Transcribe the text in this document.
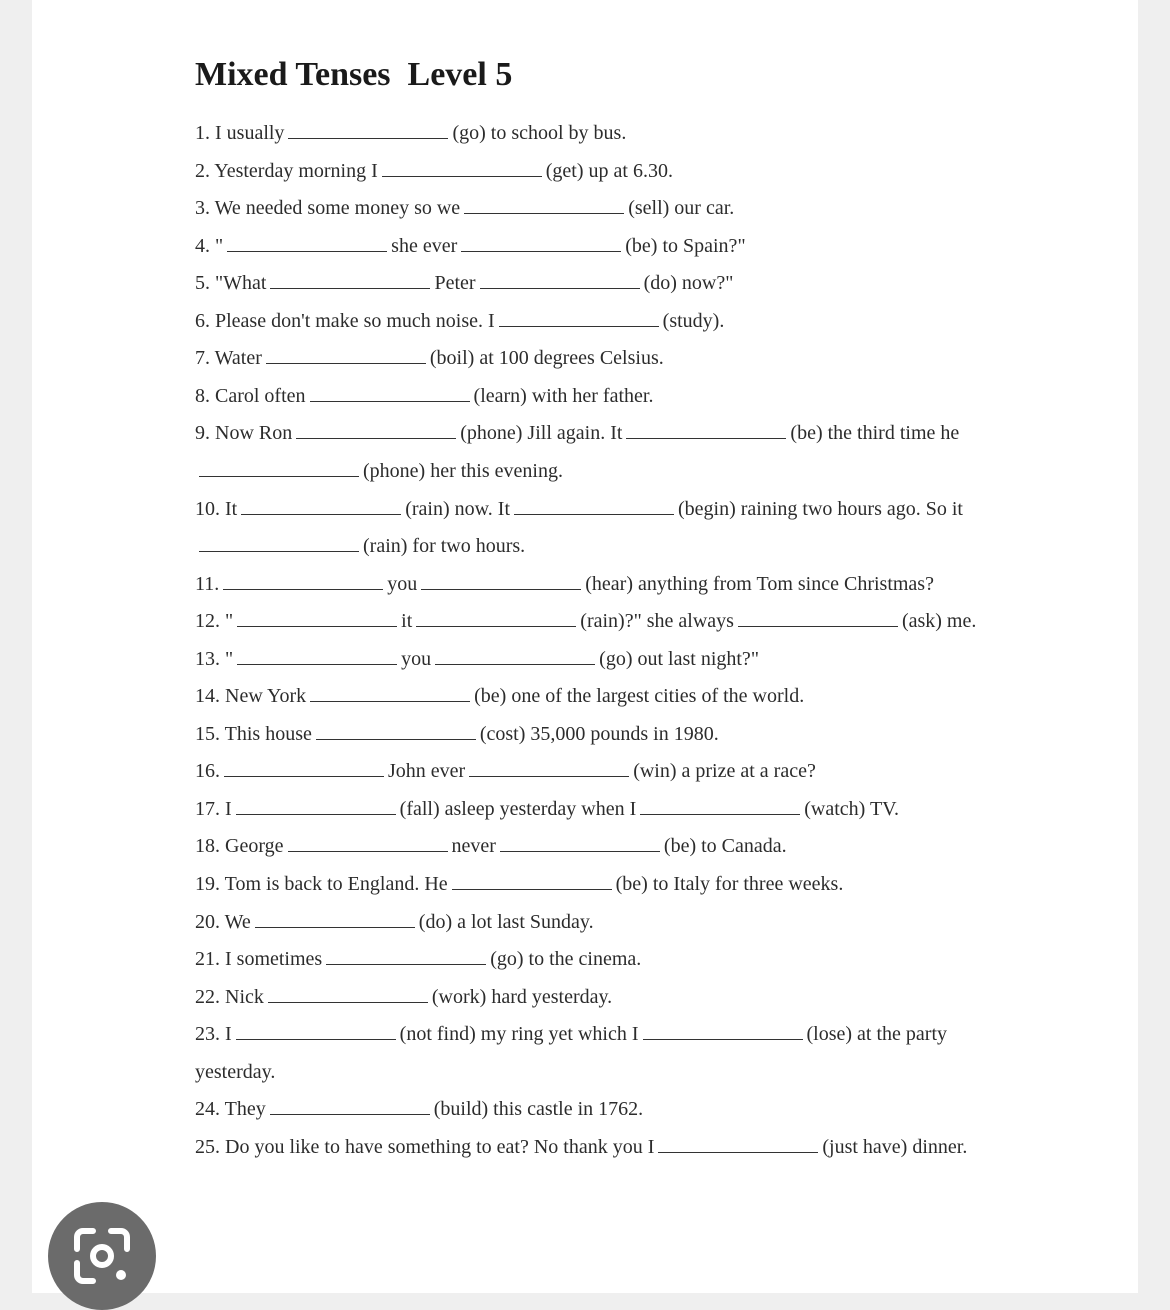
Mixed Tenses  Level 5
1. I usually	(go) to school by bus.
2. Yesterday morning I	(get) up at 6.30.
3. We needed some money so we	(sell) our car.
4. "	she ever	(be) to Spain?"
5. "What	Peter	(do) now?"
6. Please don't make so much noise. I	(study).
7. Water	(boil) at 100 degrees Celsius.
8. Carol often	(learn) with her father.
9. Now Ron	(phone) Jill again. It	(be) the third time he
(phone) her this evening.
10. It	(rain) now. It	(begin) raining two hours ago. So it
(rain) for two hours.
11.	you	(hear) anything from Tom since Christmas?
12. "	it	(rain)?" she always	(ask) me.
13. "	you	(go) out last night?"
14. New York	(be) one of the largest cities of the world.
15. This house	(cost) 35,000 pounds in 1980.
16.	John ever	(win) a prize at a race?
17. I	(fall) asleep yesterday when I	(watch) TV.
18. George	never	(be) to Canada.
19. Tom is back to England. He	(be) to Italy for three weeks.
20. We	(do) a lot last Sunday.
21. I sometimes	(go) to the cinema.
22. Nick	(work) hard yesterday.
23. I	(not find) my ring yet which I	(lose) at the party
yesterday.
24. They	(build) this castle in 1762.
25. Do you like to have something to eat? No thank you I	(just have) dinner.
